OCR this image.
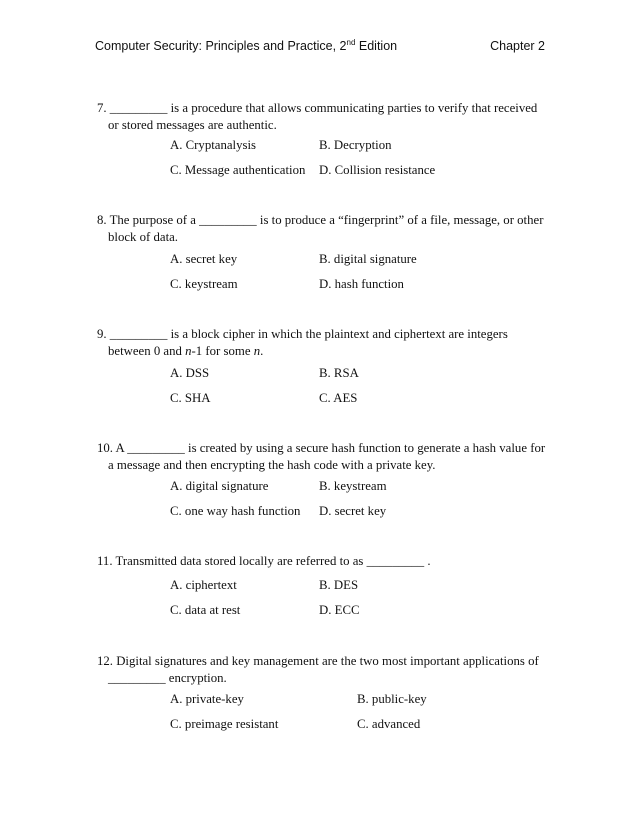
Computer Security: Principles and Practice, 2nd Edition	Chapter 2

7. _________ is a procedure that allows communicating parties to verify that received or stored messages are authentic.

A. Cryptanalysis	B. Decryption
C. Message authentication D. Collision resistance

8. The purpose of a _________ is to produce a “fingerprint” of a file, message, or other block of data.

A. secret key	B. digital signature
C. keystream	D. hash function

9. _________ is a block cipher in which the plaintext and ciphertext are integers between 0 and n-1 for some n.

A. DSS	B. RSA
C. SHA	C. AES

10. A _________ is created by using a secure hash function to generate a hash value for a message and then encrypting the hash code with a private key.

A. digital signature	B. keystream
C. one way hash function D. secret key

11. Transmitted data stored locally are referred to as _________ .

A. ciphertext	B. DES
C. data at rest	D. ECC

12. Digital signatures and key management are the two most important applications of _________ encryption.

A. private-key	B. public-key
C. preimage resistant	C. advanced
